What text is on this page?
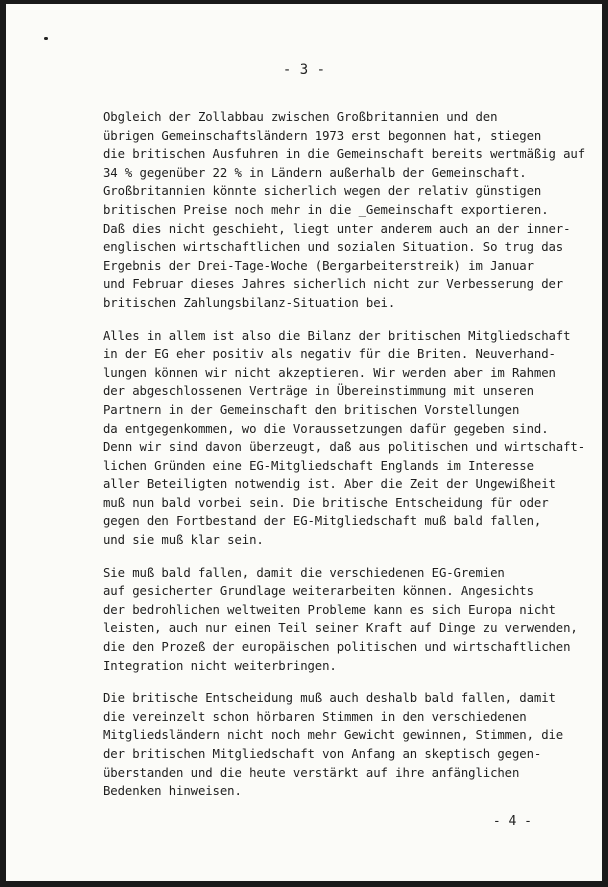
- 3 -
Obgleich der Zollabbau zwischen Großbritannien und den
übrigen Gemeinschaftsländern 1973 erst begonnen hat, stiegen
die britischen Ausfuhren in die Gemeinschaft bereits wertmäßig auf
34 % gegenüber 22 % in Ländern außerhalb der Gemeinschaft.
Großbritannien könnte sicherlich wegen der relativ günstigen
britischen Preise noch mehr in die _Gemeinschaft exportieren.
Daß dies nicht geschieht, liegt unter anderem auch an der inner-
englischen wirtschaftlichen und sozialen Situation. So trug das
Ergebnis der Drei-Tage-Woche (Bergarbeiterstreik) im Januar
und Februar dieses Jahres sicherlich nicht zur Verbesserung der
britischen Zahlungsbilanz-Situation bei.
Alles in allem ist also die Bilanz der britischen Mitgliedschaft
in der EG eher positiv als negativ für die Briten. Neuverhand-
lungen können wir nicht akzeptieren. Wir werden aber im Rahmen
der abgeschlossenen Verträge in Übereinstimmung mit unseren
Partnern in der Gemeinschaft den britischen Vorstellungen
da entgegenkommen, wo die Voraussetzungen dafür gegeben sind.
Denn wir sind davon überzeugt, daß aus politischen und wirtschaft-
lichen Gründen eine EG-Mitgliedschaft Englands im Interesse
aller Beteiligten notwendig ist. Aber die Zeit der Ungewißheit
muß nun bald vorbei sein. Die britische Entscheidung für oder
gegen den Fortbestand der EG-Mitgliedschaft muß bald fallen,
und sie muß klar sein.
Sie muß bald fallen, damit die verschiedenen EG-Gremien
auf gesicherter Grundlage weiterarbeiten können. Angesichts
der bedrohlichen weltweiten Probleme kann es sich Europa nicht
leisten, auch nur einen Teil seiner Kraft auf Dinge zu verwenden,
die den Prozeß der europäischen politischen und wirtschaftlichen
Integration nicht weiterbringen.
Die britische Entscheidung muß auch deshalb bald fallen, damit
die vereinzelt schon hörbaren Stimmen in den verschiedenen
Mitgliedsländern nicht noch mehr Gewicht gewinnen, Stimmen, die
der britischen Mitgliedschaft von Anfang an skeptisch gegen-
überstanden und die heute verstärkt auf ihre anfänglichen
Bedenken hinweisen.
- 4 -
